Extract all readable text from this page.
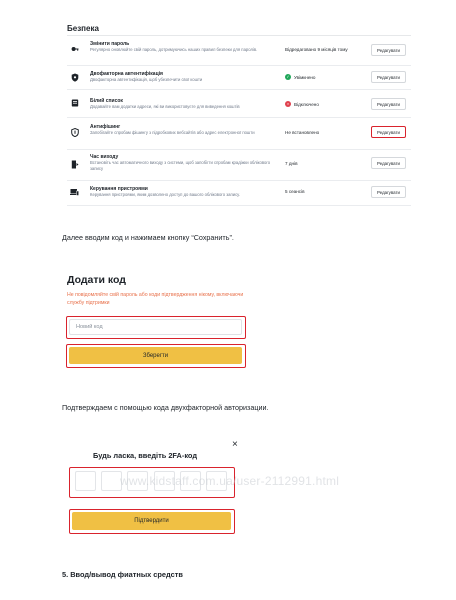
Безпека
Змінити пароль
Регулярно оновлюйте свій пароль, дотримуючись наших правил безпеки для паролів.	Відредаговано 9 місяців тому	Редагувати
Двофакторна автентифікація
Двофакторна автентифікація, щоб убезпечити свої кошти
✓ Увімкнено	Редагувати
Білий список
Додавайте вам додатки адреси, які ви використовуєте для виведення коштів
×	Відключено	Редагувати
Антифішинг
Запобігайте спробам фішингу з підробкових вебсайтів або адрес електронної пошти	Не встановлено	Редагувати
Час виходу
Встановіть час автоматичного виходу з системи, щоб запобігти спробам крадіжки облікового запису
7 днів	Редагувати
Керування пристроями
Керування пристроями, яким дозволено доступ до вашого облікового запису.
5 сеансів	Редагувати
Далее вводим код и нажимаем кнопку “Сохранить”.
Додати код
Не повідомляйте свій пароль або коди підтвердження нікому, включаючи службу підтримки
Новий код
Зберегти
Подтверждаем с помощью кода двухфакторной авторизации.
Будь ласка, введіть 2FA-код
×
www.kidstaff.com.ua/user-2112991.html
Підтвердити
5. Ввод/вывод фиатных средств
